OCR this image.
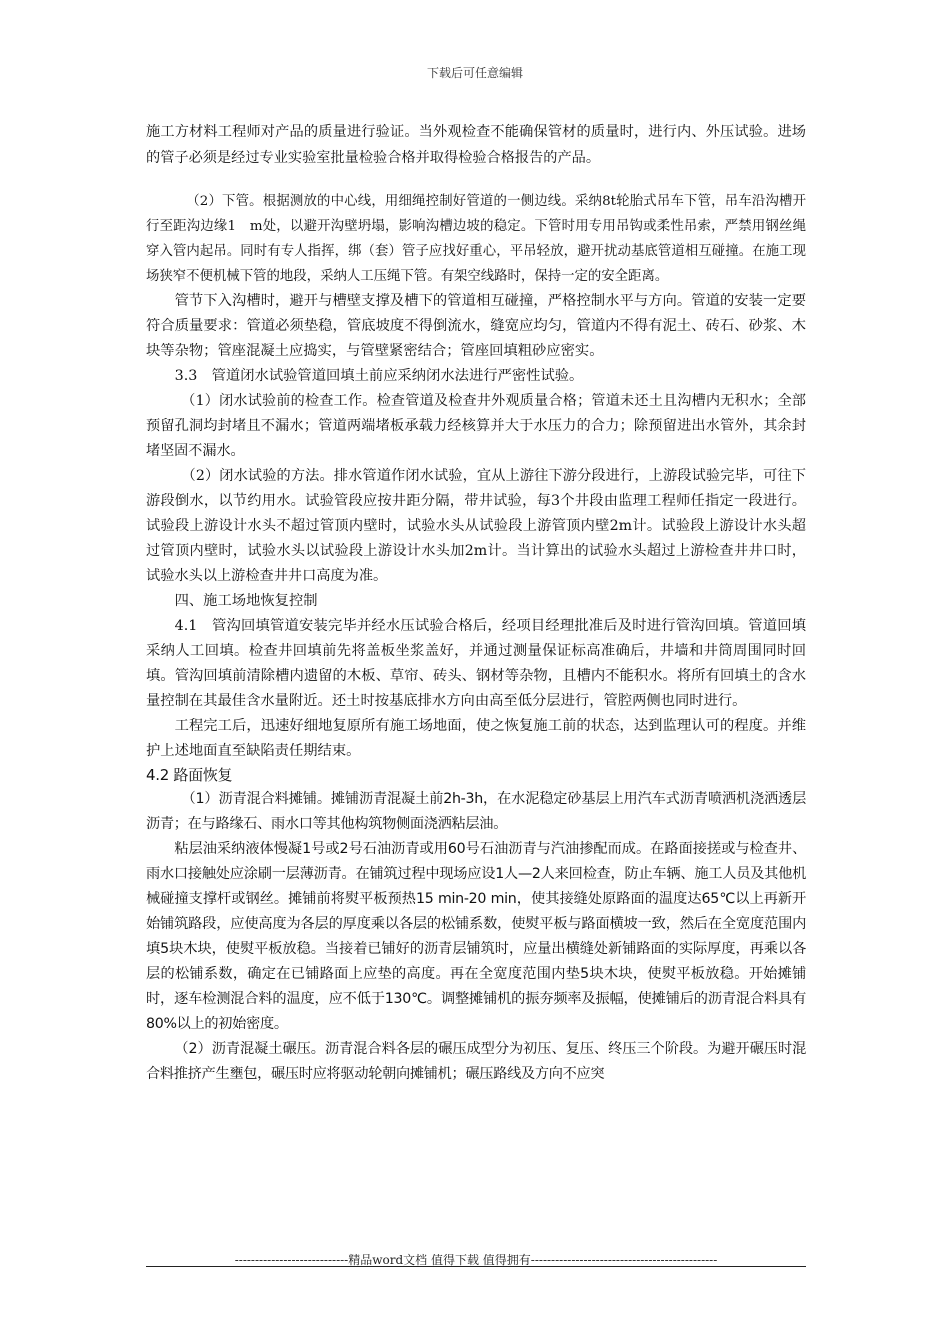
下载后可任意编辑

施工方材料工程师对产品的质量进行验证。当外观检查不能确保管材的质量时，进行内、外压试验。进场的管子必须是经过专业实验室批量检验合格并取得检验合格报告的产品。

（2）下管。根据测放的中心线，用细绳控制好管道的一侧边线。采纳8t轮胎式吊车下管，吊车沿沟槽开行至距沟边缘1　m处，以避开沟壁坍塌，影响沟槽边坡的稳定。下管时用专用吊钩或柔性吊索，严禁用钢丝绳穿入管内起吊。同时有专人指挥，绑（套）管子应找好重心，平吊轻放，避开扰动基底管道相互碰撞。在施工现场狭窄不便机械下管的地段，采纳人工压绳下管。有架空线路时，保持一定的安全距离。

管节下入沟槽时，避开与槽壁支撑及槽下的管道相互碰撞，严格控制水平与方向。管道的安装一定要符合质量要求：管道必须垫稳，管底坡度不得倒流水，缝宽应均匀，管道内不得有泥土、砖石、砂浆、木块等杂物；管座混凝土应捣实，与管壁紧密结合；管座回填粗砂应密实。

3.3　管道闭水试验管道回填土前应采纳闭水法进行严密性试验。

（1）闭水试验前的检查工作。检查管道及检查井外观质量合格；管道未还土且沟槽内无积水；全部预留孔洞均封堵且不漏水；管道两端堵板承载力经核算并大于水压力的合力；除预留进出水管外，其余封堵坚固不漏水。

（2）闭水试验的方法。排水管道作闭水试验，宜从上游往下游分段进行，上游段试验完毕，可往下游段倒水，以节约用水。试验管段应按井距分隔，带井试验，每3个井段由监理工程师任指定一段进行。试验段上游设计水头不超过管顶内壁时，试验水头从试验段上游管顶内壁2m计。试验段上游设计水头超过管顶内壁时，试验水头以试验段上游设计水头加2m计。当计算出的试验水头超过上游检查井井口时，试验水头以上游检查井井口高度为准。

四、施工场地恢复控制

4.1　管沟回填管道安装完毕并经水压试验合格后，经项目经理批准后及时进行管沟回填。管道回填采纳人工回填。检查井回填前先将盖板坐浆盖好，并通过测量保证标高准确后，井墙和井筒周围同时回填。管沟回填前清除槽内遗留的木板、草帘、砖头、钢材等杂物，且槽内不能积水。将所有回填土的含水量控制在其最佳含水量附近。还土时按基底排水方向由高至低分层进行，管腔两侧也同时进行。

工程完工后，迅速好细地复原所有施工场地面，使之恢复施工前的状态，达到监理认可的程度。并维护上述地面直至缺陷责任期结束。

4.2 路面恢复

（1）沥青混合料摊铺。摊铺沥青混凝土前2h-3h，在水泥稳定砂基层上用汽车式沥青喷洒机浇洒透层沥青；在与路缘石、雨水口等其他构筑物侧面浇洒粘层油。

粘层油采纳液体慢凝1号或2号石油沥青或用60号石油沥青与汽油掺配而成。在路面接搓或与检查井、雨水口接触处应涂刷一层薄沥青。在铺筑过程中现场应设1人—2人来回检查，防止车辆、施工人员及其他机械碰撞支撑杆或钢丝。摊铺前将熨平板预热15 min-20 min，使其接缝处原路面的温度达65℃以上再新开始铺筑路段，应使高度为各层的厚度乘以各层的松铺系数，使熨平板与路面横坡一致，然后在全宽度范围内填5块木块，使熨平板放稳。当接着已铺好的沥青层铺筑时，应量出横缝处新铺路面的实际厚度，再乘以各层的松铺系数，确定在已铺路面上应垫的高度。再在全宽度范围内垫5块木块，使熨平板放稳。开始摊铺时，逐车检测混合料的温度，应不低于130℃。调整摊铺机的振夯频率及振幅，使摊铺后的沥青混合料具有80%以上的初始密度。

（2）沥青混凝土碾压。沥青混合料各层的碾压成型分为初压、复压、终压三个阶段。为避开碾压时混合料推挤产生壅包，碾压时应将驱动轮朝向摊铺机；碾压路线及方向不应突

----------------------------精品word文档 值得下载 值得拥有----------------------------------------------
